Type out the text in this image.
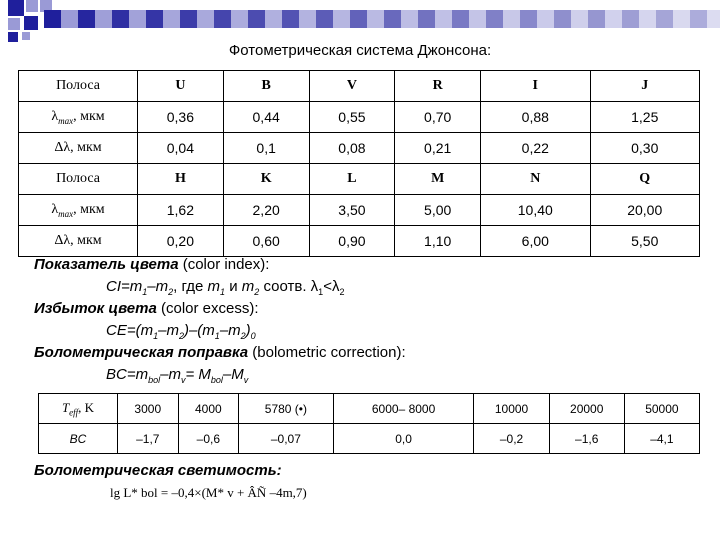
Фотометрическая система Джонсона:
Полоса	U	B	V	R	I	J
$\lambda_{max}$, мкм	0,36	0,44	0,55	0,70	0,88	1,25
Δλ, мкм	0,04	0,1	0,08	0,21	0,22	0,30
Полоса	H	K	L	M	N	Q
$\lambda_{max}$, мкм	1,62	2,20	3,50	5,00	10,40	20,00
Δλ, мкм	0,20	0,60	0,90	1,10	6,00	5,50
Показатель цвета (color index):
$CI=m_1-m_2$, где $m_1$ и $m_2$ соотв. $\lambda_1<\lambda_2$
Избыток цвета (color excess):
$CE=(m_1-m_2)-(m_1-m_2)_0$
Болометрическая поправка (bolometric correction):
$BC=m_{bol}-m_v= M_{bol}-M_v$
$T_{eff}$, K	3000	4000	5780 (•)	6000– 8000	10000	20000	50000
BC	–1,7	–0,6	–0,07	0,0	–0,2	–1,6	–4,1
Болометрическая светимость:
lg L* bol = –0,4×(M* v + ÂÑ –4m,7)
